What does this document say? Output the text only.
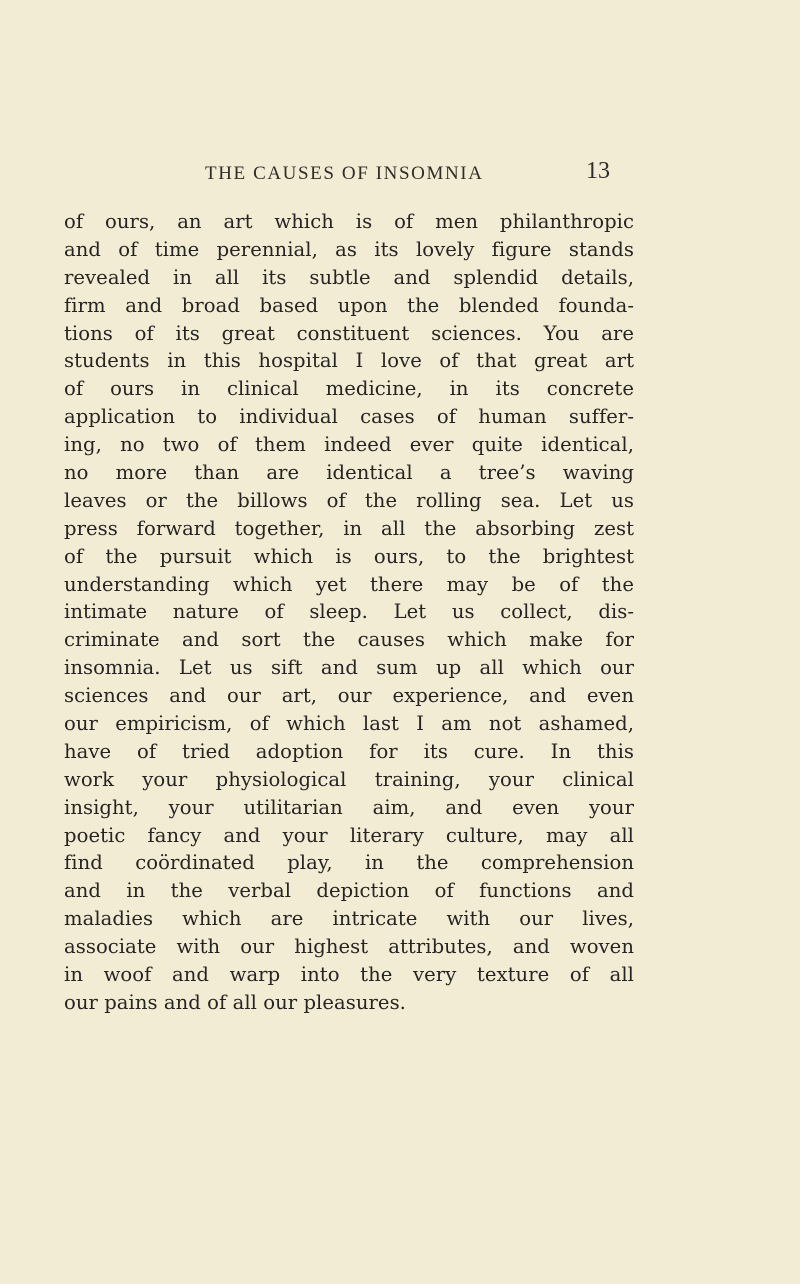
THE CAUSES OF INSOMNIA	13
of ours, an art which is of men philanthropic
and of time perennial, as its lovely figure stands
revealed in all its subtle and splendid details,
firm and broad based upon the blended founda-
tions of its great constituent sciences. You are
students in this hospital I love of that great art
of ours in clinical medicine, in its concrete
application to individual cases of human suffer-
ing, no two of them indeed ever quite identical,
no more than are identical a tree’s waving
leaves or the billows of the rolling sea. Let us
press forward together, in all the absorbing zest
of the pursuit which is ours, to the brightest
understanding which yet there may be of the
intimate nature of sleep. Let us collect, dis-
criminate and sort the causes which make for
insomnia. Let us sift and sum up all which our
sciences and our art, our experience, and even
our empiricism, of which last I am not ashamed,
have of tried adoption for its cure. In this
work your physiological training, your clinical
insight, your utilitarian aim, and even your
poetic fancy and your literary culture, may all
find coördinated play, in the comprehension
and in the verbal depiction of functions and
maladies which are intricate with our lives,
associate with our highest attributes, and woven
in woof and warp into the very texture of all
our pains and of all our pleasures.
